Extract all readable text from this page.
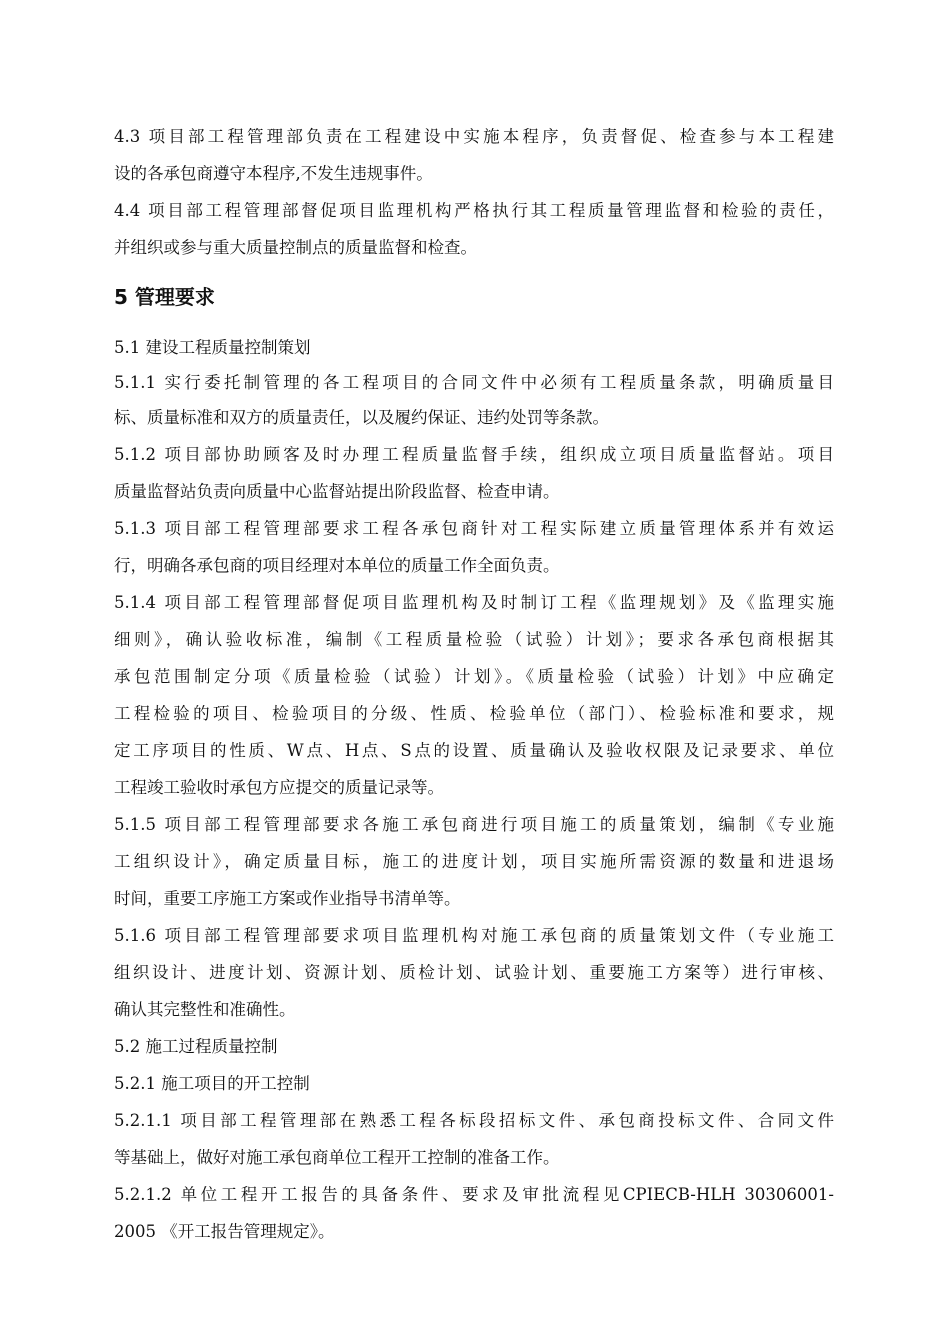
4.3 项目部工程管理部负责在工程建设中实施本程序，负责督促、检查参与本工程建
设的各承包商遵守本程序,不发生违规事件。
4.4 项目部工程管理部督促项目监理机构严格执行其工程质量管理监督和检验的责任，
并组织或参与重大质量控制点的质量监督和检查。
5 管理要求
5.1 建设工程质量控制策划
5.1.1 实行委托制管理的各工程项目的合同文件中必须有工程质量条款，明确质量目
标、质量标准和双方的质量责任，以及履约保证、违约处罚等条款。
5.1.2 项目部协助顾客及时办理工程质量监督手续，组织成立项目质量监督站。项目
质量监督站负责向质量中心监督站提出阶段监督、检查申请。
5.1.3 项目部工程管理部要求工程各承包商针对工程实际建立质量管理体系并有效运
行，明确各承包商的项目经理对本单位的质量工作全面负责。
5.1.4 项目部工程管理部督促项目监理机构及时制订工程《监理规划》及《监理实施
细则》，确认验收标准，编制《工程质量检验（试验）计划》；要求各承包商根据其
承包范围制定分项《质量检验（试验）计划》。《质量检验（试验）计划》中应确定
工程检验的项目、检验项目的分级、性质、检验单位（部门）、检验标准和要求，规
定工序项目的性质、W点、H点、S点的设置、质量确认及验收权限及记录要求、单位
工程竣工验收时承包方应提交的质量记录等。
5.1.5 项目部工程管理部要求各施工承包商进行项目施工的质量策划，编制《专业施
工组织设计》，确定质量目标，施工的进度计划，项目实施所需资源的数量和进退场
时间，重要工序施工方案或作业指导书清单等。
5.1.6 项目部工程管理部要求项目监理机构对施工承包商的质量策划文件（专业施工
组织设计、进度计划、资源计划、质检计划、试验计划、重要施工方案等）进行审核、
确认其完整性和准确性。
5.2 施工过程质量控制
5.2.1 施工项目的开工控制
5.2.1.1 项目部工程管理部在熟悉工程各标段招标文件、承包商投标文件、合同文件
等基础上，做好对施工承包商单位工程开工控制的准备工作。
5.2.1.2 单位工程开工报告的具备条件、要求及审批流程见CPIECB-HLH 30306001-
2005 《开工报告管理规定》。
